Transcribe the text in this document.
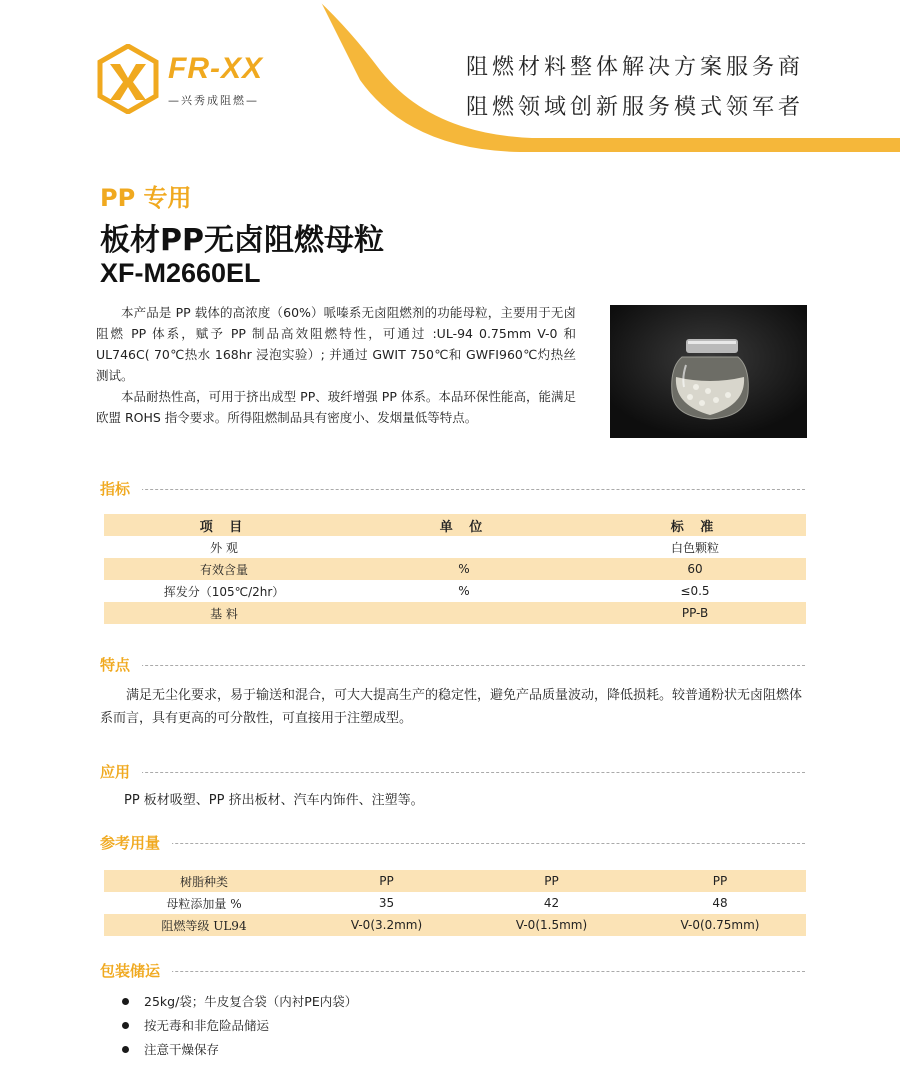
FR-XX
—兴秀成阻燃—
阻燃材料整体解决方案服务商
阻燃领域创新服务模式领军者
PP 专用
板材PP无卤阻燃母粒
XF-M2660EL

本产品是 PP 载体的高浓度（60%）哌嗪系无卤阻燃剂的功能母粒，主要用于无卤阻燃 PP 体系，赋予 PP 制品高效阻燃特性，可通过 :UL-94 0.75mm V-0 和 UL746C( 70℃热水 168hr 浸泡实验）; 并通过 GWIT 750℃和 GWFI960℃灼热丝测试。

本品耐热性高，可用于挤出成型 PP、玻纤增强 PP 体系。本品环保性能高，能满足欧盟 ROHS 指令要求。所得阻燃制品具有密度小、发烟量低等特点。

指标
项 目	单 位	标 准
外 观		白色颗粒
有效含量	%	60
挥发分（105℃/2hr）	%	≤0.5
基 料		PP-B
特点
满足无尘化要求，易于输送和混合，可大大提高生产的稳定性，避免产品质量波动，降低损耗。较普通粉状无卤阻燃体系而言，具有更高的可分散性，可直接用于注塑成型。
应用
PP 板材吸塑、PP 挤出板材、汽车内饰件、注塑等。
参考用量
树脂种类	PP	PP	PP
母粒添加量 %	35	42	48
阻燃等级 UL94	V-0(3.2mm)	V-0(1.5mm)	V-0(0.75mm)
包装储运
25kg/袋；牛皮复合袋（内衬PE内袋）
按无毒和非危险品储运
注意干燥保存
